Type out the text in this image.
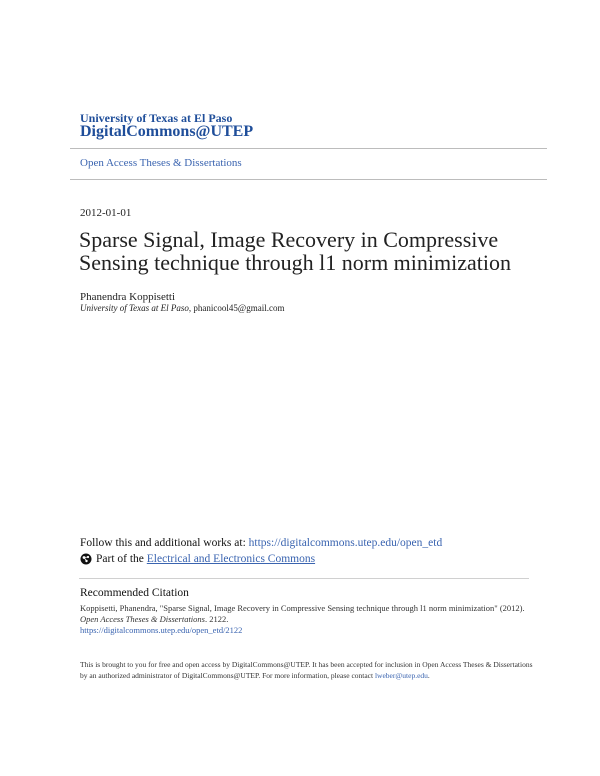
University of Texas at El Paso
DigitalCommons@UTEP
Open Access Theses & Dissertations
2012-01-01
Sparse Signal, Image Recovery in Compressive Sensing technique through l1 norm minimization
Phanendra Koppisetti
University of Texas at El Paso, phanicool45@gmail.com
Follow this and additional works at: https://digitalcommons.utep.edu/open_etd
Part of the
Electrical and Electronics Commons
Recommended Citation
Koppisetti, Phanendra, "Sparse Signal, Image Recovery in Compressive Sensing technique through l1 norm minimization" (2012).
Open Access Theses & Dissertations. 2122.
https://digitalcommons.utep.edu/open_etd/2122
This is brought to you for free and open access by DigitalCommons@UTEP. It has been accepted for inclusion in Open Access Theses & Dissertations by an authorized administrator of DigitalCommons@UTEP. For more information, please contact lweber@utep.edu.
